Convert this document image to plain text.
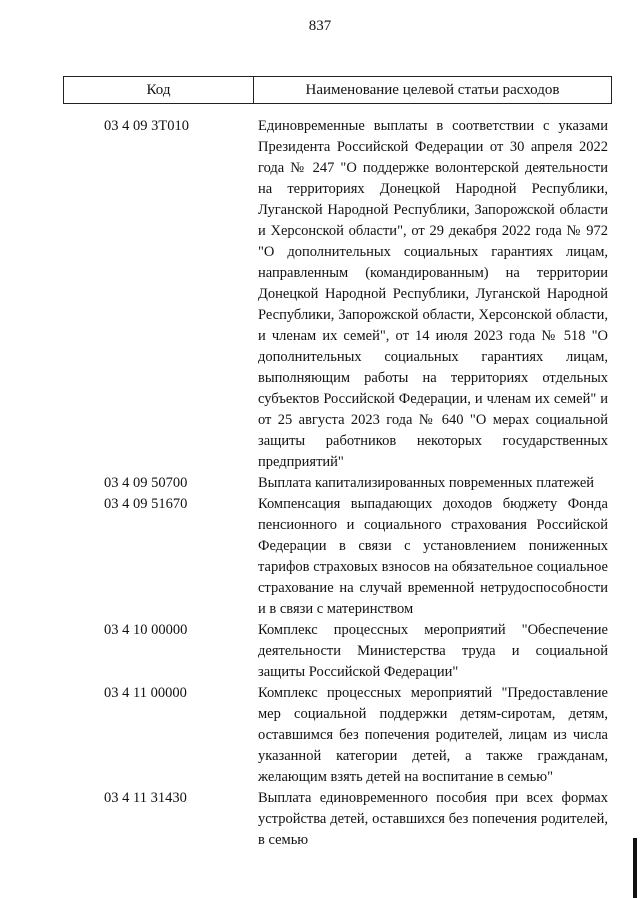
837
Код	Наименование целевой статьи расходов
03 4 09 3Т010	Единовременные выплаты в соответствии с указами Президента Российской Федерации от 30 апреля 2022 года № 247 "О поддержке волонтерской деятельности на территориях Донецкой Народной Республики, Луганской Народной Республики, Запорожской области и Херсонской области", от 29 декабря 2022 года № 972 "О дополнительных социальных гарантиях лицам, направленным (командированным) на территории Донецкой Народной Республики, Луганской Народной Республики, Запорожской области, Херсонской области, и членам их семей", от 14 июля 2023 года № 518 "О дополнительных социальных гарантиях лицам, выполняющим работы на территориях отдельных субъектов Российской Федерации, и членам их семей" и от 25 августа 2023 года № 640 "О мерах социальной защиты работников некоторых государственных предприятий"
03 4 09 50700	Выплата капитализированных повременных платежей
03 4 09 51670	Компенсация выпадающих доходов бюджету Фонда пенсионного и социального страхования Российской Федерации в связи с установлением пониженных тарифов страховых взносов на обязательное социальное страхование на случай временной нетрудоспособности и в связи с материнством
03 4 10 00000	Комплекс процессных мероприятий "Обеспечение деятельности Министерства труда и социальной защиты Российской Федерации"
03 4 11 00000	Комплекс процессных мероприятий "Предоставление мер социальной поддержки детям-сиротам, детям, оставшимся без попечения родителей, лицам из числа указанной категории детей, а также гражданам, желающим взять детей на воспитание в семью"
03 4 11 31430	Выплата единовременного пособия при всех формах устройства детей, оставшихся без попечения родителей, в семью
